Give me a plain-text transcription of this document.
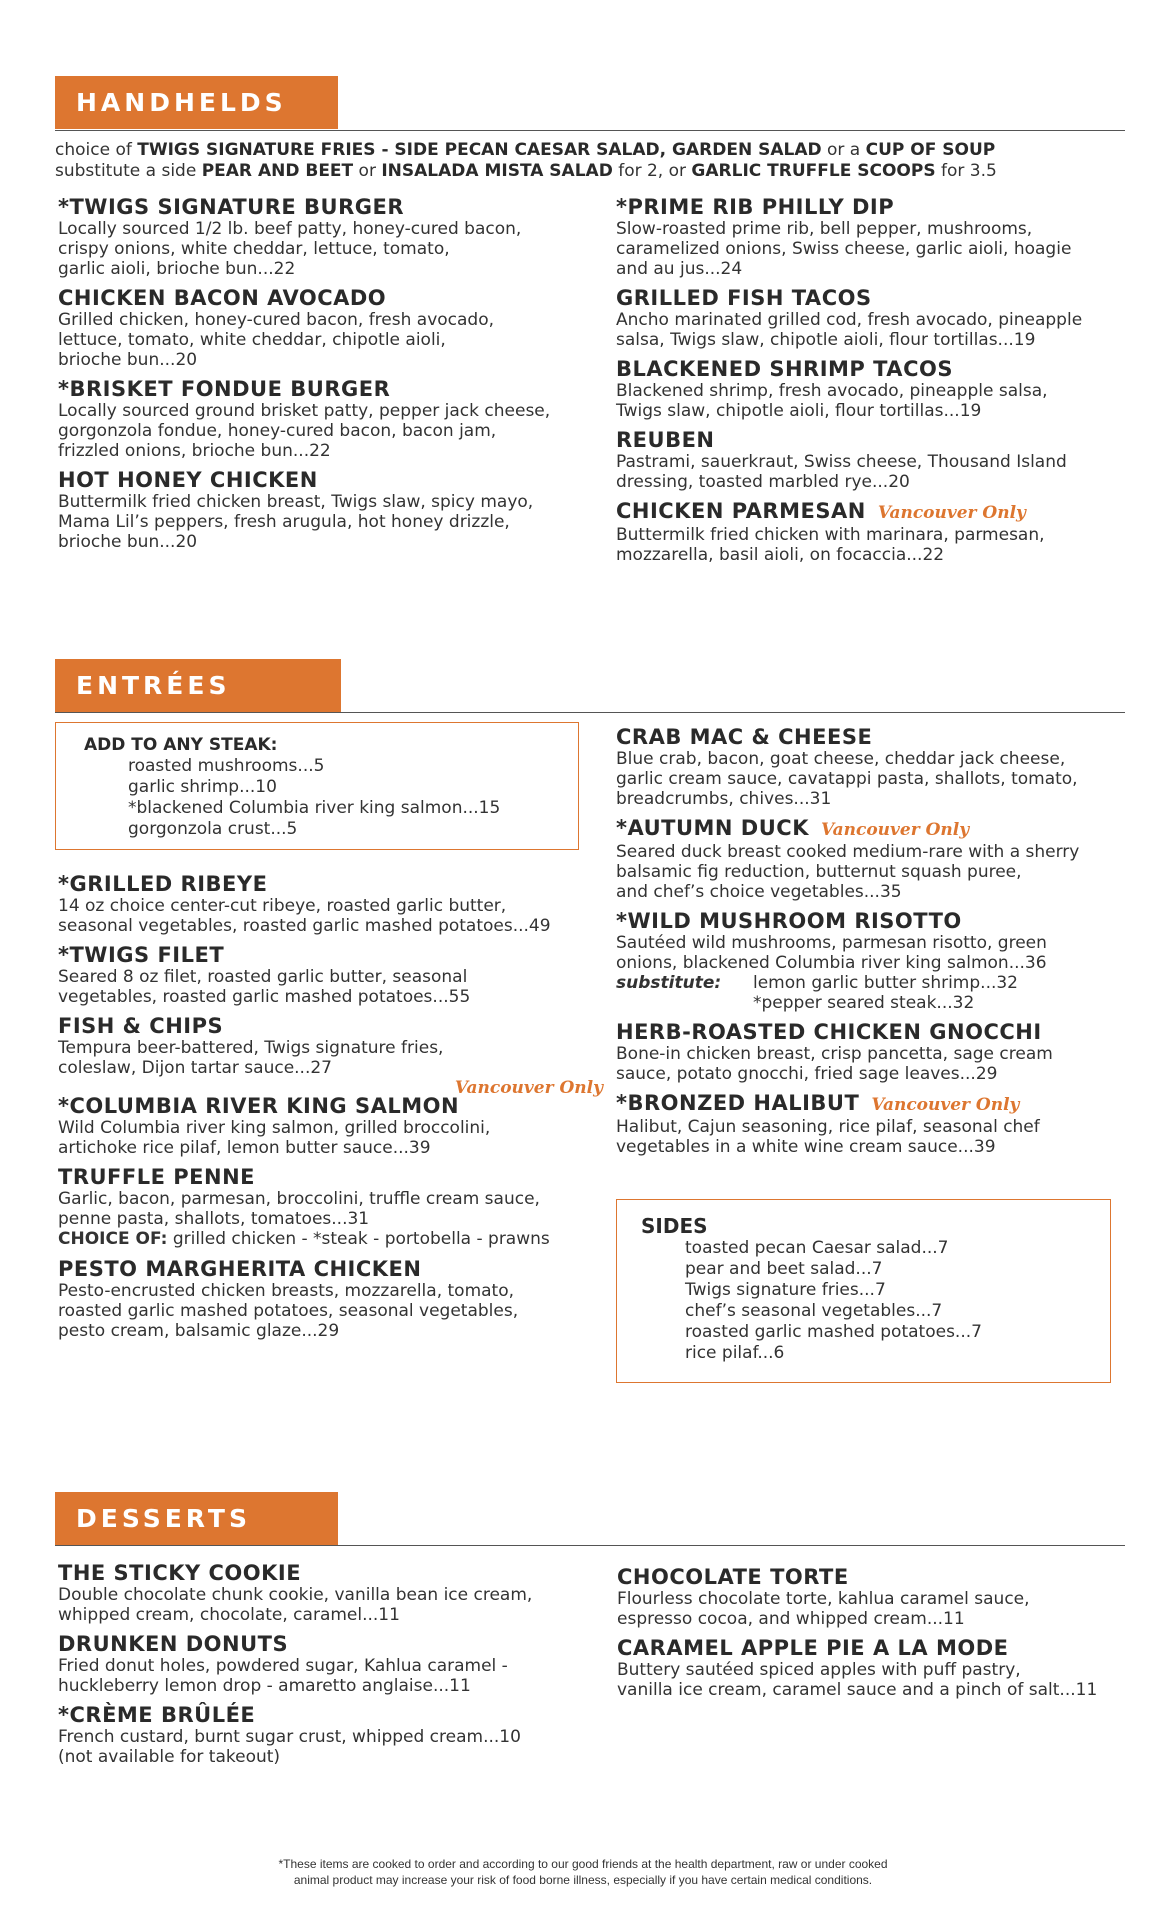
HANDHELDS
choice of TWIGS SIGNATURE FRIES - SIDE PECAN CAESAR SALAD, GARDEN SALAD or a CUP OF SOUP
substitute a side PEAR AND BEET or INSALADA MISTA SALAD for 2, or GARLIC TRUFFLE SCOOPS for 3.5
*TWIGS SIGNATURE BURGER
Locally sourced 1/2 lb. beef patty, honey-cured bacon,
crispy onions, white cheddar, lettuce, tomato,
garlic aioli, brioche bun...22
CHICKEN BACON AVOCADO
Grilled chicken, honey-cured bacon, fresh avocado,
lettuce, tomato, white cheddar, chipotle aioli,
brioche bun...20
*BRISKET FONDUE BURGER
Locally sourced ground brisket patty, pepper jack cheese,
gorgonzola fondue, honey-cured bacon, bacon jam,
frizzled onions, brioche bun...22
HOT HONEY CHICKEN
Buttermilk fried chicken breast, Twigs slaw, spicy mayo,
Mama Lil’s peppers, fresh arugula, hot honey drizzle,
brioche bun...20
*PRIME RIB PHILLY DIP
Slow-roasted prime rib, bell pepper, mushrooms,
caramelized onions, Swiss cheese, garlic aioli, hoagie
and au jus...24
GRILLED FISH TACOS
Ancho marinated grilled cod, fresh avocado, pineapple
salsa, Twigs slaw, chipotle aioli, flour tortillas...19
BLACKENED SHRIMP TACOS
Blackened shrimp, fresh avocado, pineapple salsa,
Twigs slaw, chipotle aioli, flour tortillas...19
REUBEN
Pastrami, sauerkraut, Swiss cheese, Thousand Island
dressing, toasted marbled rye...20
CHICKEN PARMESAN Vancouver Only
Buttermilk fried chicken with marinara, parmesan,
mozzarella, basil aioli, on focaccia...22
ENTRÉES
ADD TO ANY STEAK:
roasted mushrooms...5
garlic shrimp...10
*blackened Columbia river king salmon...15
gorgonzola crust...5
*GRILLED RIBEYE
14 oz choice center-cut ribeye, roasted garlic butter,
seasonal vegetables, roasted garlic mashed potatoes...49
*TWIGS FILET
Seared 8 oz filet, roasted garlic butter, seasonal
vegetables, roasted garlic mashed potatoes...55
FISH & CHIPS
Tempura beer-battered, Twigs signature fries,
coleslaw, Dijon tartar sauce...27
Vancouver Only
*COLUMBIA RIVER KING SALMON
Wild Columbia river king salmon, grilled broccolini,
artichoke rice pilaf, lemon butter sauce...39
TRUFFLE PENNE
Garlic, bacon, parmesan, broccolini, truffle cream sauce,
penne pasta, shallots, tomatoes...31
CHOICE OF: grilled chicken - *steak - portobella - prawns
PESTO MARGHERITA CHICKEN
Pesto-encrusted chicken breasts, mozzarella, tomato,
roasted garlic mashed potatoes, seasonal vegetables,
pesto cream, balsamic glaze...29
CRAB MAC & CHEESE
Blue crab, bacon, goat cheese, cheddar jack cheese,
garlic cream sauce, cavatappi pasta, shallots, tomato,
breadcrumbs, chives...31
*AUTUMN DUCK Vancouver Only
Seared duck breast cooked medium-rare with a sherry
balsamic fig reduction, butternut squash puree,
and chef’s choice vegetables...35
*WILD MUSHROOM RISOTTO
Sautéed wild mushrooms, parmesan risotto, green
onions, blackened Columbia river king salmon...36
substitute:	lemon garlic butter shrimp...32
*pepper seared steak...32
HERB-ROASTED CHICKEN GNOCCHI
Bone-in chicken breast, crisp pancetta, sage cream
sauce, potato gnocchi, fried sage leaves...29
*BRONZED HALIBUT Vancouver Only
Halibut, Cajun seasoning, rice pilaf, seasonal chef
vegetables in a white wine cream sauce...39
SIDES
toasted pecan Caesar salad...7
pear and beet salad...7
Twigs signature fries...7
chef’s seasonal vegetables...7
roasted garlic mashed potatoes...7
rice pilaf...6
DESSERTS
THE STICKY COOKIE
Double chocolate chunk cookie, vanilla bean ice cream,
whipped cream, chocolate, caramel...11
DRUNKEN DONUTS
Fried donut holes, powdered sugar, Kahlua caramel -
huckleberry lemon drop - amaretto anglaise...11
*CRÈME BRÛLÉE
French custard, burnt sugar crust, whipped cream...10
(not available for takeout)
CHOCOLATE TORTE
Flourless chocolate torte, kahlua caramel sauce,
espresso cocoa, and whipped cream...11
CARAMEL APPLE PIE A LA MODE
Buttery sautéed spiced apples with puff pastry,
vanilla ice cream, caramel sauce and a pinch of salt...11
*These items are cooked to order and according to our good friends at the health department, raw or under cooked
animal product may increase your risk of food borne illness, especially if you have certain medical conditions.
